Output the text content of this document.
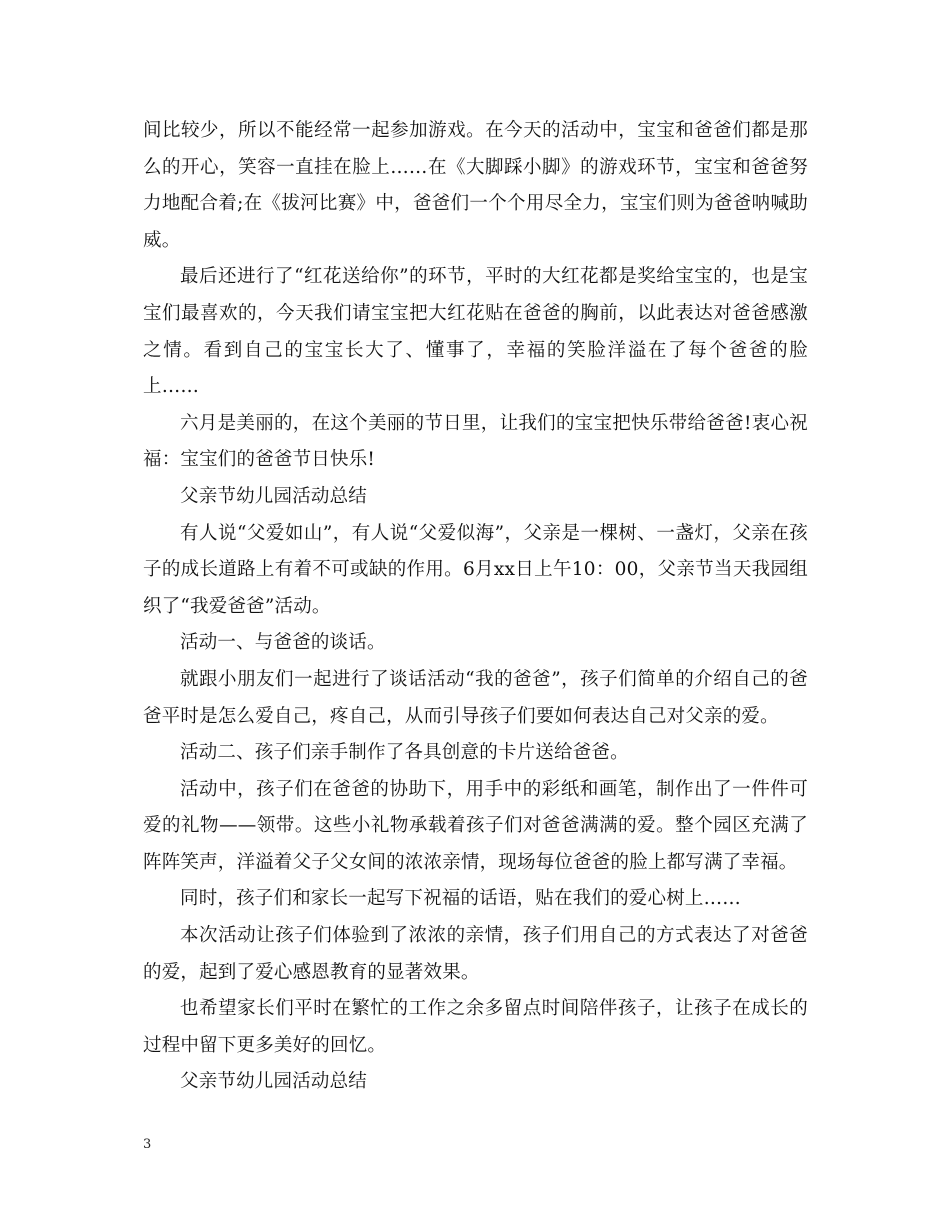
间比较少，所以不能经常一起参加游戏。在今天的活动中，宝宝和爸爸们都是那么的开心，笑容一直挂在脸上……在《大脚踩小脚》的游戏环节，宝宝和爸爸努力地配合着;在《拔河比赛》中，爸爸们一个个用尽全力，宝宝们则为爸爸呐喊助威。

最后还进行了“红花送给你”的环节，平时的大红花都是奖给宝宝的，也是宝宝们最喜欢的，今天我们请宝宝把大红花贴在爸爸的胸前，以此表达对爸爸感激之情。看到自己的宝宝长大了、懂事了，幸福的笑脸洋溢在了每个爸爸的脸上……

六月是美丽的，在这个美丽的节日里，让我们的宝宝把快乐带给爸爸!衷心祝福：宝宝们的爸爸节日快乐!

父亲节幼儿园活动总结

有人说“父爱如山”，有人说“父爱似海”，父亲是一棵树、一盏灯，父亲在孩子的成长道路上有着不可或缺的作用。6月xx日上午10：00，父亲节当天我园组织了“我爱爸爸”活动。

活动一、与爸爸的谈话。

就跟小朋友们一起进行了谈话活动“我的爸爸”，孩子们简单的介绍自己的爸爸平时是怎么爱自己，疼自己，从而引导孩子们要如何表达自己对父亲的爱。

活动二、孩子们亲手制作了各具创意的卡片送给爸爸。

活动中，孩子们在爸爸的协助下，用手中的彩纸和画笔，制作出了一件件可爱的礼物——领带。这些小礼物承载着孩子们对爸爸满满的爱。整个园区充满了阵阵笑声，洋溢着父子父女间的浓浓亲情，现场每位爸爸的脸上都写满了幸福。

同时，孩子们和家长一起写下祝福的话语，贴在我们的爱心树上……

本次活动让孩子们体验到了浓浓的亲情，孩子们用自己的方式表达了对爸爸的爱，起到了爱心感恩教育的显著效果。

也希望家长们平时在繁忙的工作之余多留点时间陪伴孩子，让孩子在成长的过程中留下更多美好的回忆。

父亲节幼儿园活动总结

3
